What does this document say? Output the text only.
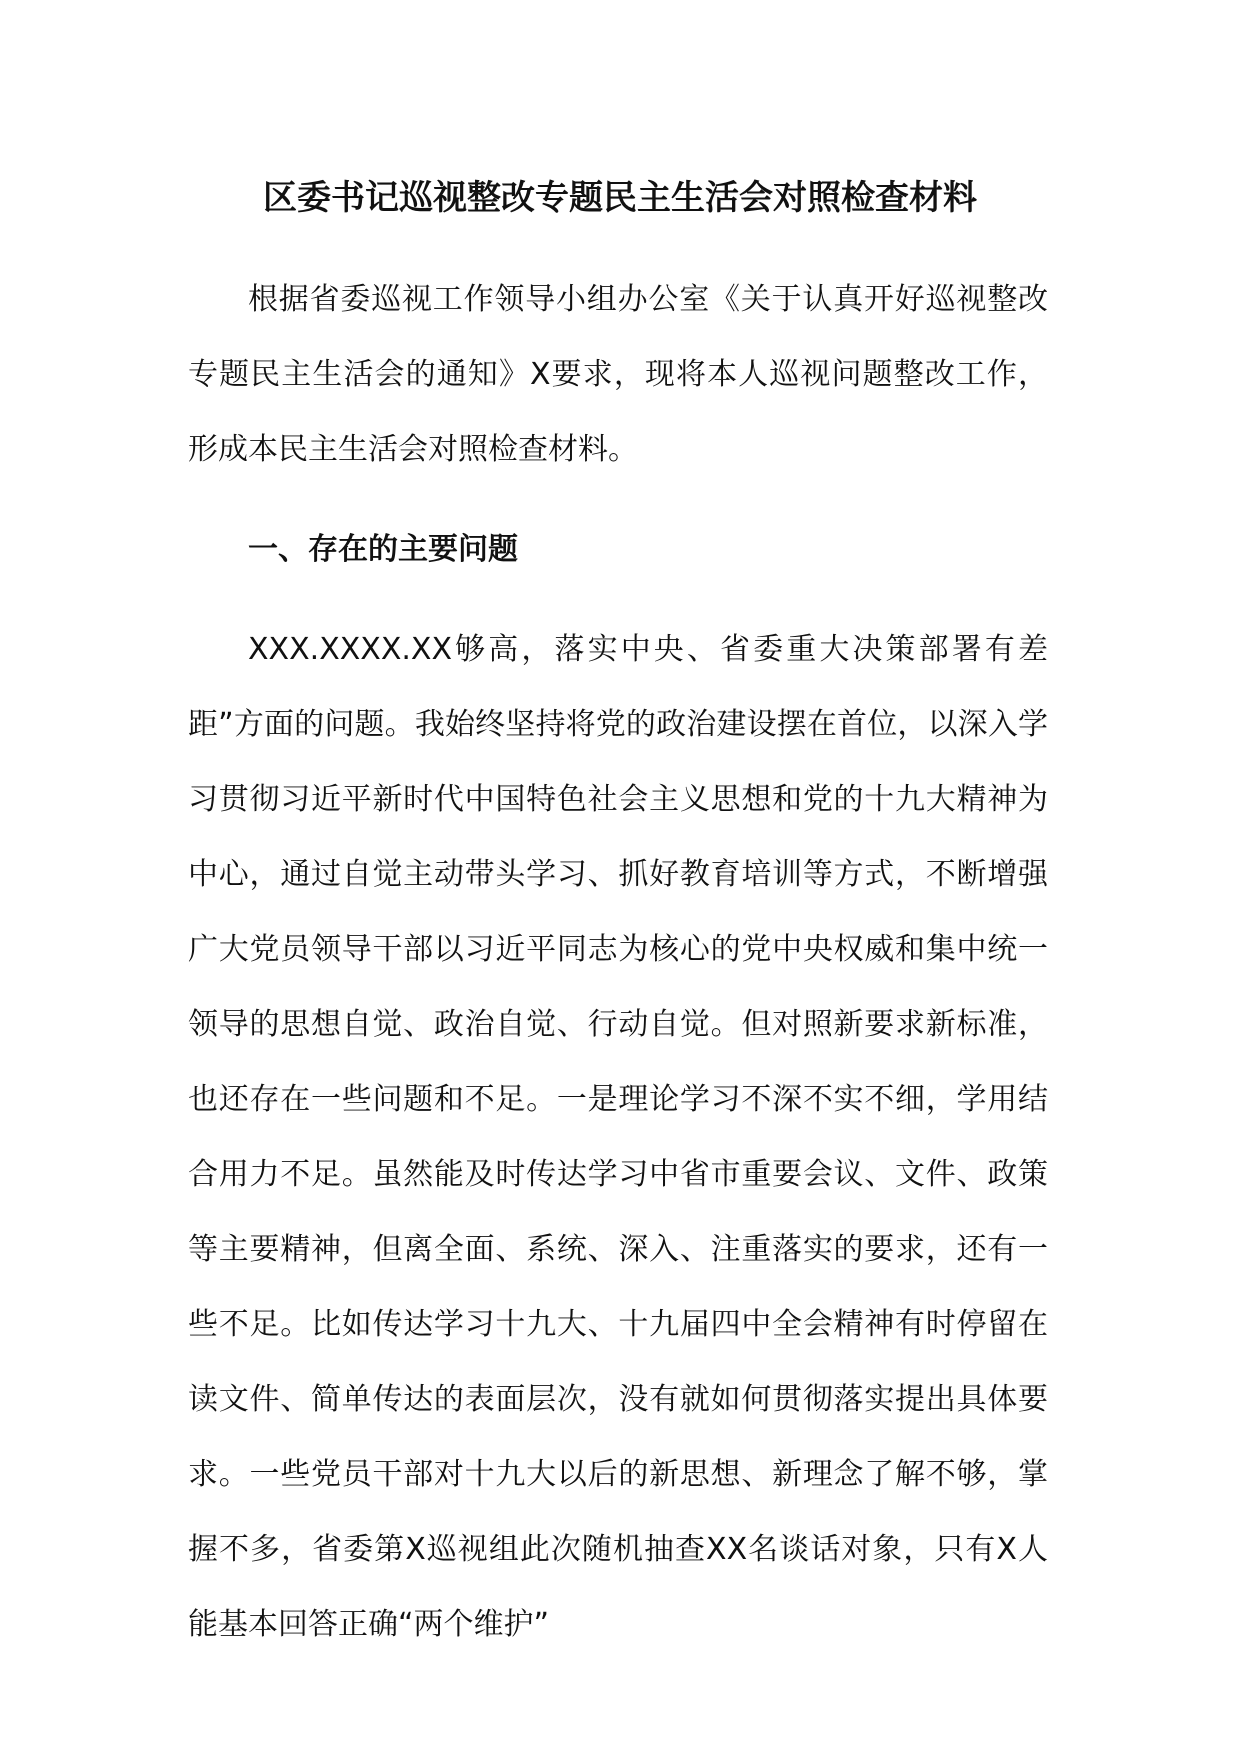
区委书记巡视整改专题民主生活会对照检查材料

根据省委巡视工作领导小组办公室《关于认真开好巡视整改专题民主生活会的通知》X要求，现将本人巡视问题整改工作，形成本民主生活会对照检查材料。

一、存在的主要问题

XXX.XXXX.XX够高，落实中央、省委重大决策部署有差距”方面的问题。我始终坚持将党的政治建设摆在首位，以深入学习贯彻习近平新时代中国特色社会主义思想和党的十九大精神为中心，通过自觉主动带头学习、抓好教育培训等方式，不断增强广大党员领导干部以习近平同志为核心的党中央权威和集中统一领导的思想自觉、政治自觉、行动自觉。但对照新要求新标准，也还存在一些问题和不足。一是理论学习不深不实不细，学用结合用力不足。虽然能及时传达学习中省市重要会议、文件、政策等主要精神，但离全面、系统、深入、注重落实的要求，还有一些不足。比如传达学习十九大、十九届四中全会精神有时停留在读文件、简单传达的表面层次，没有就如何贯彻落实提出具体要求。一些党员干部对十九大以后的新思想、新理念了解不够，掌握不多，省委第X巡视组此次随机抽查XX名谈话对象，只有X人能基本回答正确“两个维护”
